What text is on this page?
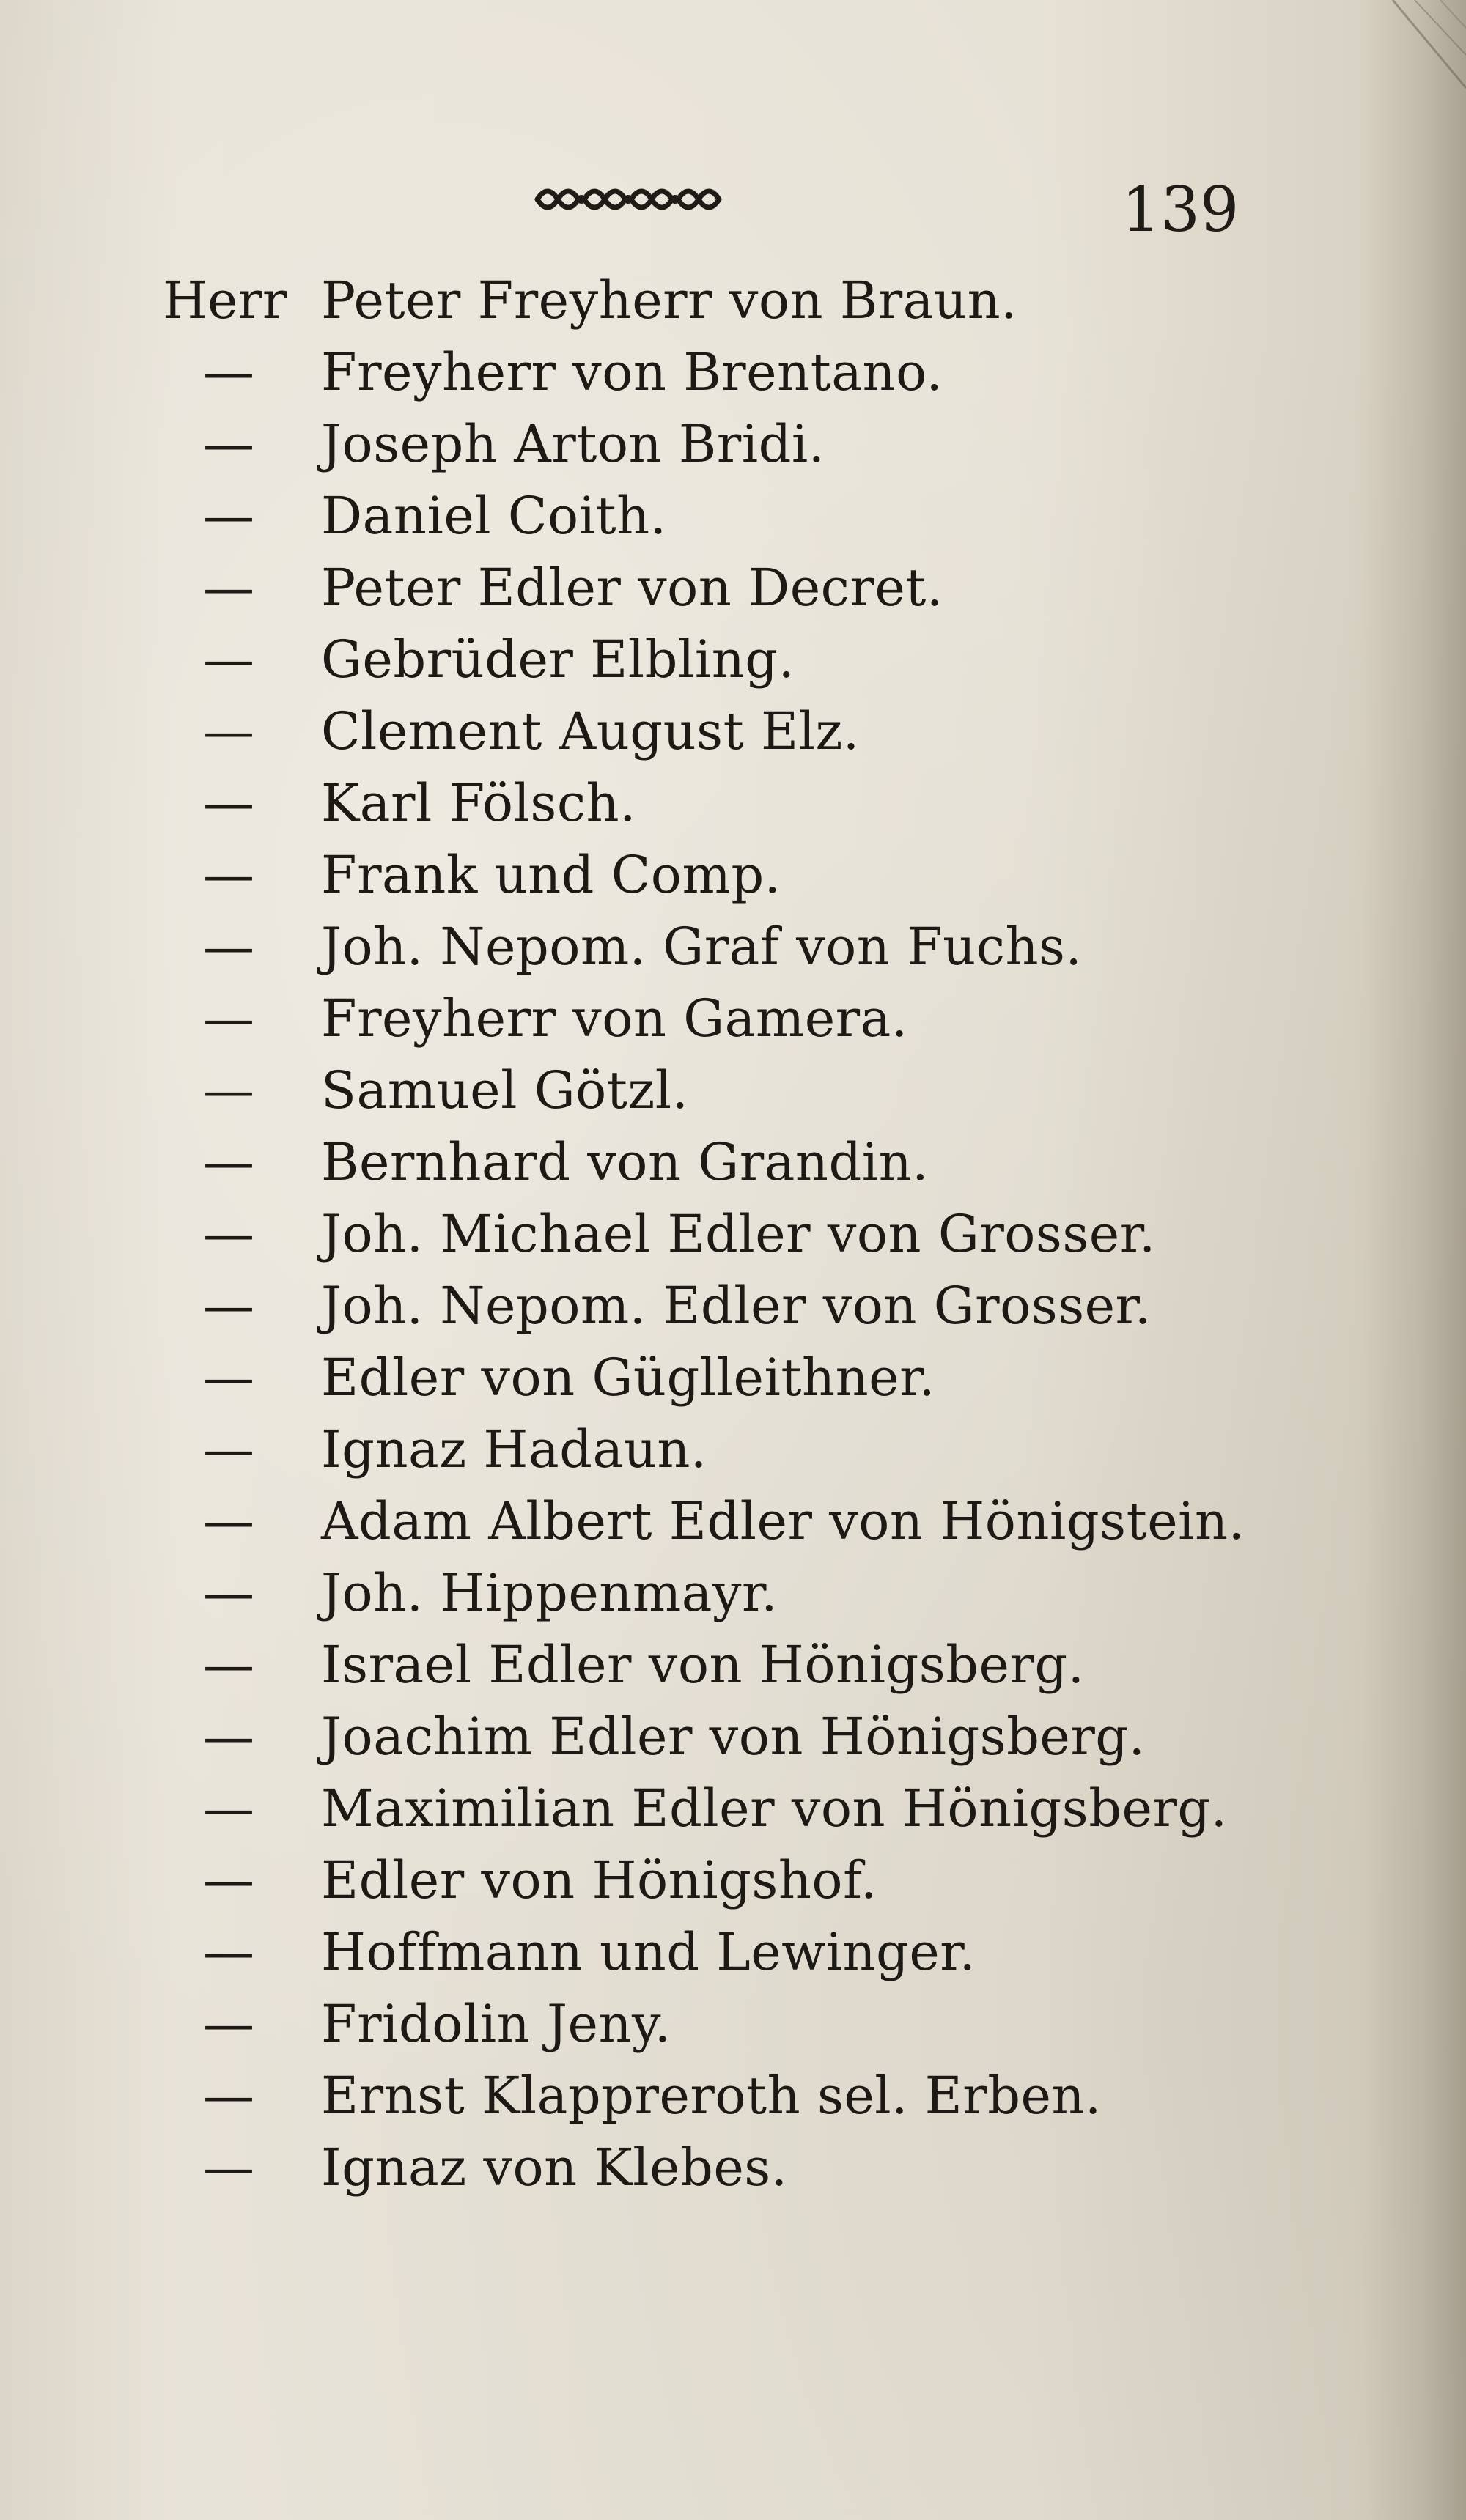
139
Herr Peter Freyherr von Braun.
— Freyherr von Brentano.
— Joseph Arton Bridi.
— Daniel Coith.
— Peter Edler von Decret.
— Gebrüder Elbling.
— Clement August Elz.
— Karl Fölsch.
— Frank und Comp.
— Joh. Nepom. Graf von Fuchs.
— Freyherr von Gamera.
— Samuel Götzl.
— Bernhard von Grandin.
— Joh. Michael Edler von Grosser.
— Joh. Nepom. Edler von Grosser.
— Edler von Güglleithner.
— Ignaz Hadaun.
— Adam Albert Edler von Hönigstein.
— Joh. Hippenmayr.
— Israel Edler von Hönigsberg.
— Joachim Edler von Hönigsberg.
— Maximilian Edler von Hönigsberg.
— Edler von Hönigshof.
— Hoffmann und Lewinger.
— Fridolin Jeny.
— Ernst Klappreroth sel. Erben.
— Ignaz von Klebes.
